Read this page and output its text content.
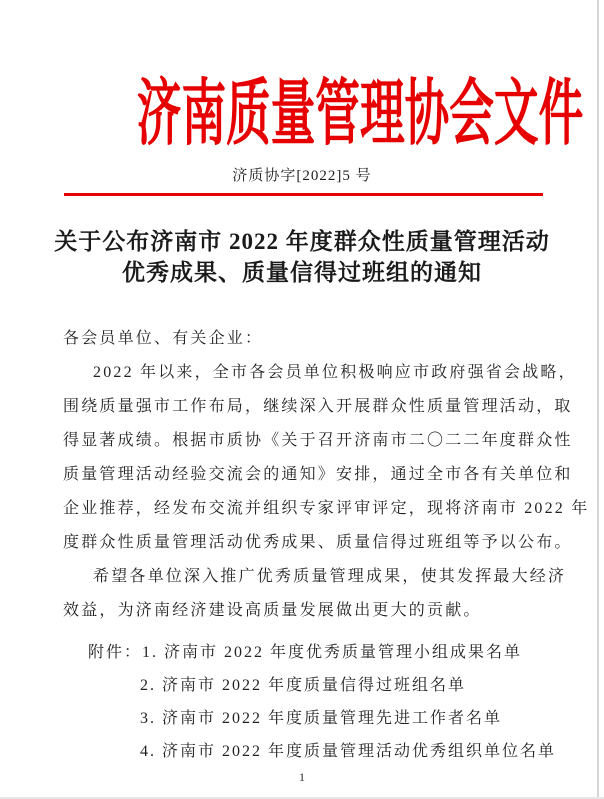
济南质量管理协会文件
济质协字[2022]5 号
关于公布济南市 2022 年度群众性质量管理活动
优秀成果、质量信得过班组的通知
各会员单位、有关企业：
2022 年以来，全市各会员单位积极响应市政府强省会战略，
围绕质量强市工作布局，继续深入开展群众性质量管理活动，取
得显著成绩。根据市质协《关于召开济南市二〇二二年度群众性
质量管理活动经验交流会的通知》安排，通过全市各有关单位和
企业推荐，经发布交流并组织专家评审评定，现将济南市 2022 年
度群众性质量管理活动优秀成果、质量信得过班组等予以公布。
希望各单位深入推广优秀质量管理成果，使其发挥最大经济
效益，为济南经济建设高质量发展做出更大的贡献。
附件：1. 济南市 2022 年度优秀质量管理小组成果名单
2. 济南市 2022 年度质量信得过班组名单
3. 济南市 2022 年度质量管理先进工作者名单
4. 济南市 2022 年度质量管理活动优秀组织单位名单
1
